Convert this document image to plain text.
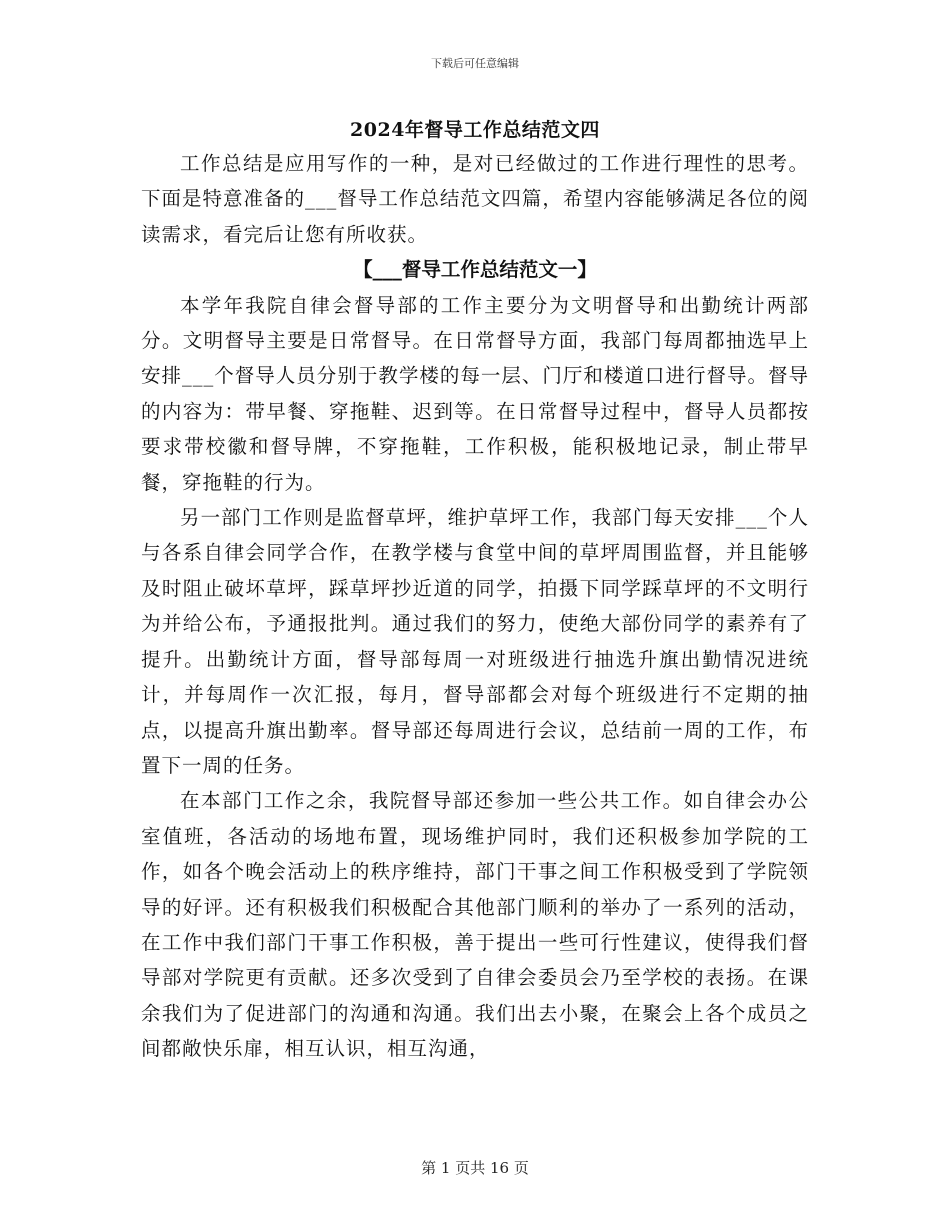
下载后可任意编辑
2024年督导工作总结范文四

工作总结是应用写作的一种，是对已经做过的工作进行理性的思考。下面是特意准备的___督导工作总结范文四篇，希望内容能够满足各位的阅读需求，看完后让您有所收获。

【___督导工作总结范文一】

本学年我院自律会督导部的工作主要分为文明督导和出勤统计两部分。文明督导主要是日常督导。在日常督导方面，我部门每周都抽选早上安排___个督导人员分别于教学楼的每一层、门厅和楼道口进行督导。督导的内容为：带早餐、穿拖鞋、迟到等。在日常督导过程中，督导人员都按要求带校徽和督导牌，不穿拖鞋，工作积极，能积极地记录，制止带早餐，穿拖鞋的行为。

另一部门工作则是监督草坪，维护草坪工作，我部门每天安排___个人与各系自律会同学合作，在教学楼与食堂中间的草坪周围监督，并且能够及时阻止破坏草坪，踩草坪抄近道的同学，拍摄下同学踩草坪的不文明行为并给公布，予通报批判。通过我们的努力，使绝大部份同学的素养有了提升。出勤统计方面，督导部每周一对班级进行抽选升旗出勤情况进统计，并每周作一次汇报，每月，督导部都会对每个班级进行不定期的抽点，以提高升旗出勤率。督导部还每周进行会议，总结前一周的工作，布置下一周的任务。

在本部门工作之余，我院督导部还参加一些公共工作。如自律会办公室值班，各活动的场地布置，现场维护同时，我们还积极参加学院的工作，如各个晚会活动上的秩序维持，部门干事之间工作积极受到了学院领导的好评。还有积极我们积极配合其他部门顺利的举办了一系列的活动，在工作中我们部门干事工作积极，善于提出一些可行性建议，使得我们督导部对学院更有贡献。还多次受到了自律会委员会乃至学校的表扬。在课余我们为了促进部门的沟通和沟通。我们出去小聚，在聚会上各个成员之间都敞快乐扉，相互认识，相互沟通，

第 1 页共 16 页
